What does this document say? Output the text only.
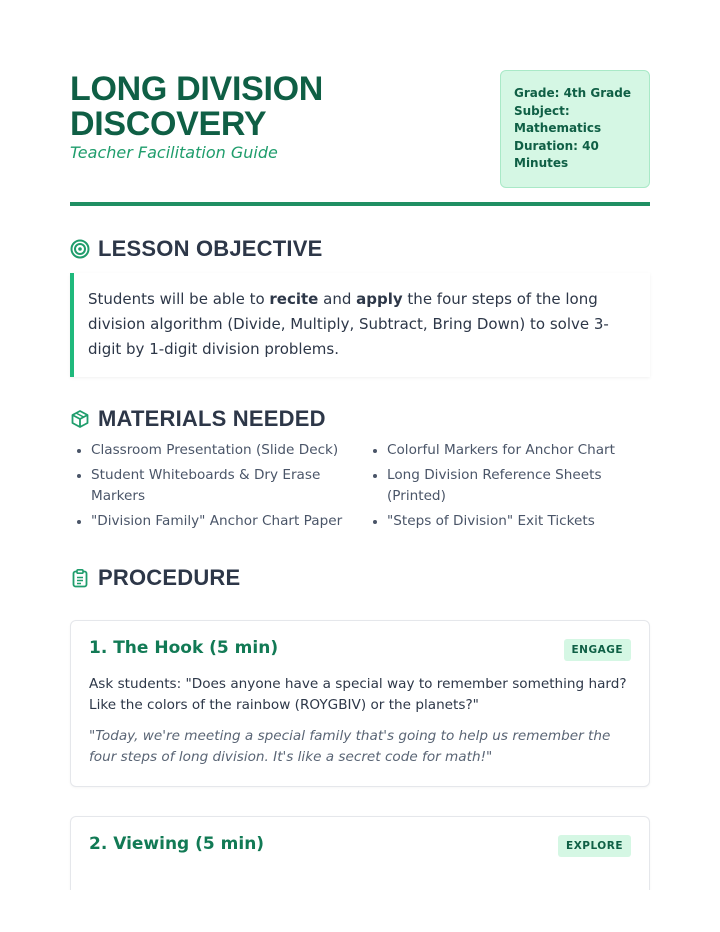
LONG DIVISION DISCOVERY
Teacher Facilitation Guide
Grade: 4th Grade
Subject:
Mathematics
Duration: 40
Minutes
LESSON OBJECTIVE
Students will be able to recite and apply the four steps of the long division algorithm (Divide, Multiply, Subtract, Bring Down) to solve 3-digit by 1-digit division problems.
MATERIALS NEEDED
Classroom Presentation (Slide Deck)
Student Whiteboards & Dry Erase Markers
"Division Family" Anchor Chart Paper
Colorful Markers for Anchor Chart
Long Division Reference Sheets (Printed)
"Steps of Division" Exit Tickets
PROCEDURE
1. The Hook (5 min)	ENGAGE
Ask students: "Does anyone have a special way to remember something hard? Like the colors of the rainbow (ROYGBIV) or the planets?"
"Today, we're meeting a special family that's going to help us remember the four steps of long division. It's like a secret code for math!"
2. Viewing (5 min)	EXPLORE
